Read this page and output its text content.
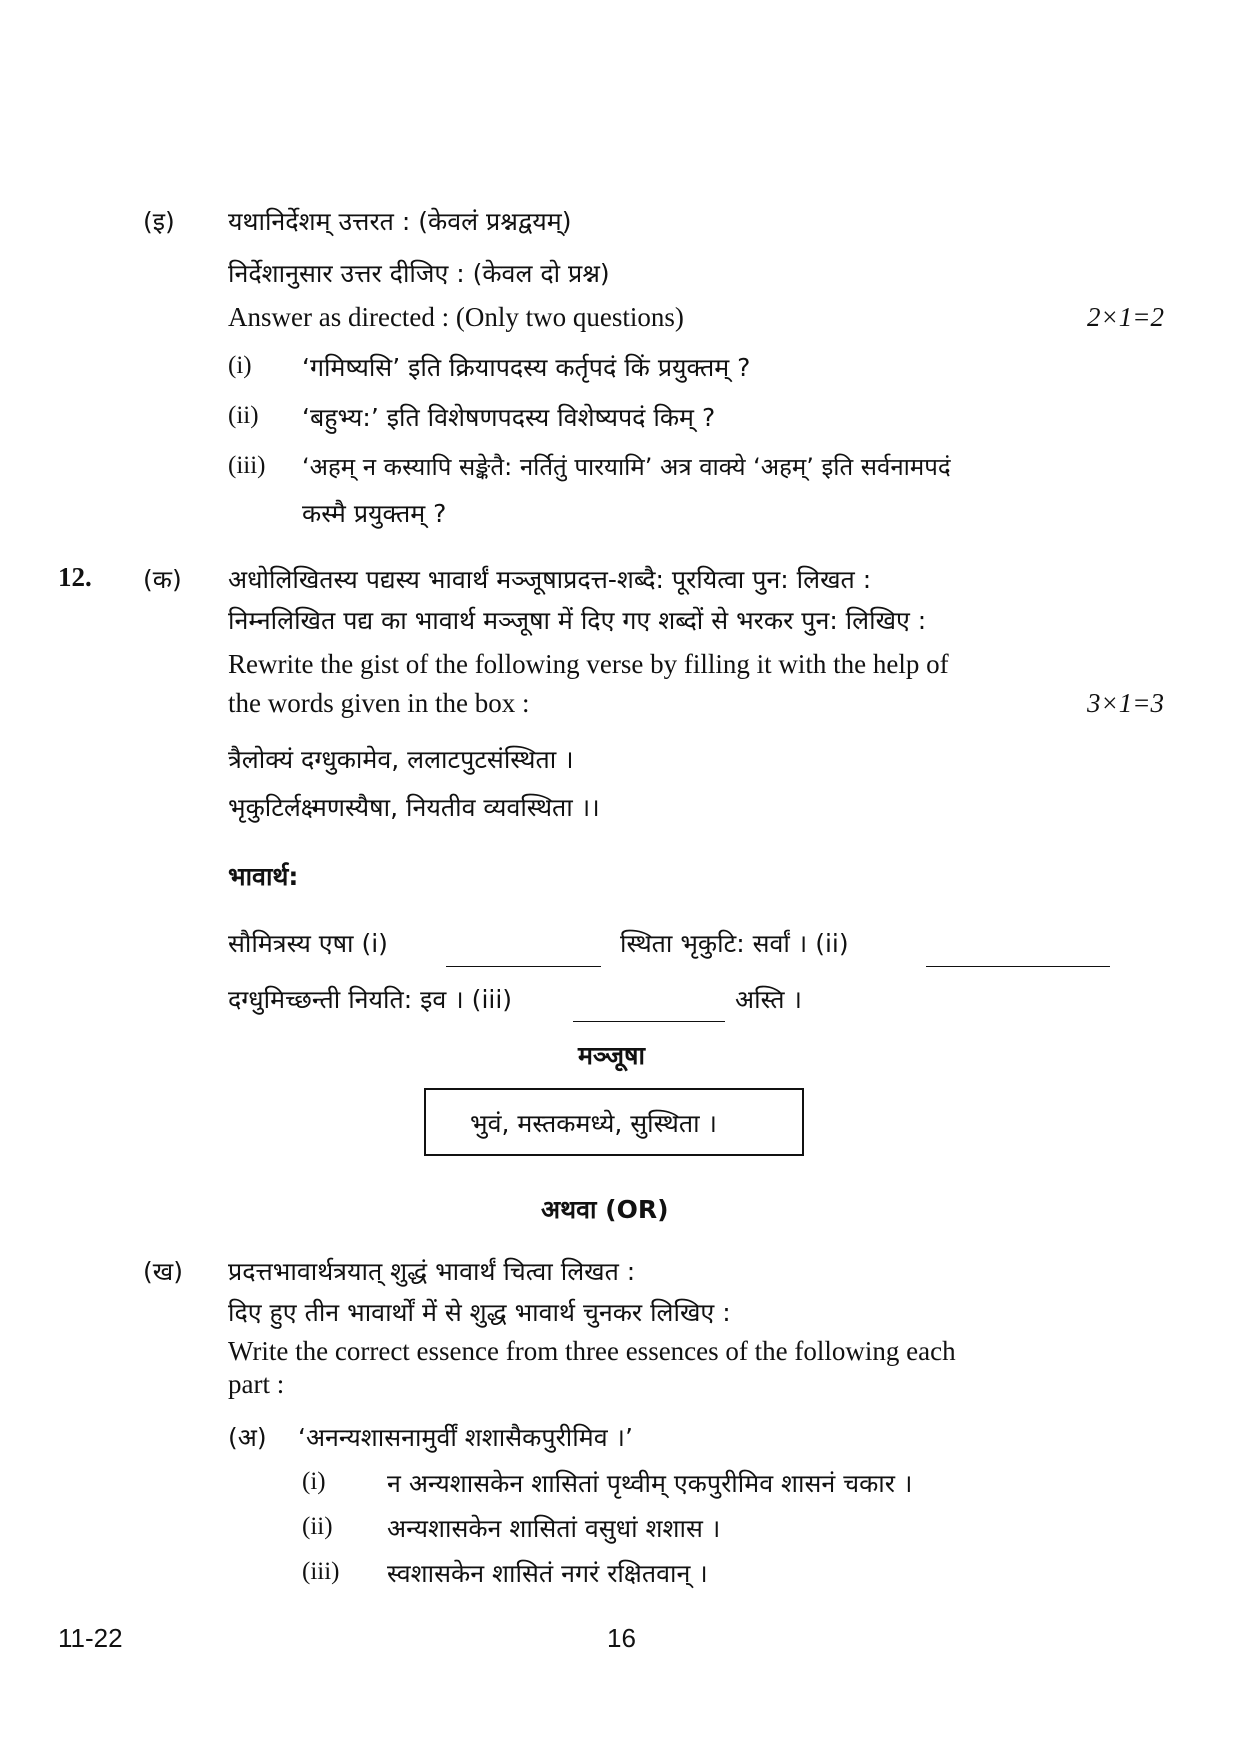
(इ) यथानिर्देशम् उत्तरत : (केवलं प्रश्नद्वयम्)
निर्देशानुसार उत्तर दीजिए : (केवल दो प्रश्न)
Answer as directed : (Only two questions)	2×1=2
(i) ‘गमिष्यसि’ इति क्रियापदस्य कर्तृपदं किं प्रयुक्तम् ?
(ii) ‘बहुभ्य:’ इति विशेषणपदस्य विशेष्यपदं किम् ?
(iii) ‘अहम् न कस्यापि सङ्केतै: नर्तितुं पारयामि’ अत्र वाक्ये ‘अहम्’ इति सर्वनामपदं
कस्मै प्रयुक्तम् ?
12. (क) अधोलिखितस्य पद्यस्य भावार्थं मञ्जूषाप्रदत्त-शब्दै: पूरयित्वा पुन: लिखत :
निम्नलिखित पद्य का भावार्थ मञ्जूषा में दिए गए शब्दों से भरकर पुन: लिखिए :
Rewrite the gist of the following verse by filling it with the help of
the words given in the box :	3×1=3
त्रैलोक्यं दग्धुकामेव, ललाटपुटसंस्थिता ।
भृकुटिर्लक्ष्मणस्यैषा, नियतीव व्यवस्थिता ।।
भावार्थ:
सौमित्रस्य एषा (i)	स्थिता भृकुटि: सर्वां । (ii)
दग्धुमिच्छन्ती नियति: इव । (iii)	अस्ति ।
मञ्जूषा
भुवं, मस्तकमध्ये, सुस्थिता ।
अथवा (OR)
(ख) प्रदत्तभावार्थत्रयात् शुद्धं भावार्थं चित्वा लिखत :
दिए हुए तीन भावार्थों में से शुद्ध भावार्थ चुनकर लिखिए :
Write the correct essence from three essences of the following each
part :
(अ) ‘अनन्यशासनामुर्वीं शशासैकपुरीमिव ।’
(i) न अन्यशासकेन शासितां पृथ्वीम् एकपुरीमिव शासनं चकार ।
(ii) अन्यशासकेन शासितां वसुधां शशास ।
(iii) स्वशासकेन शासितं नगरं रक्षितवान् ।
11-22	16
